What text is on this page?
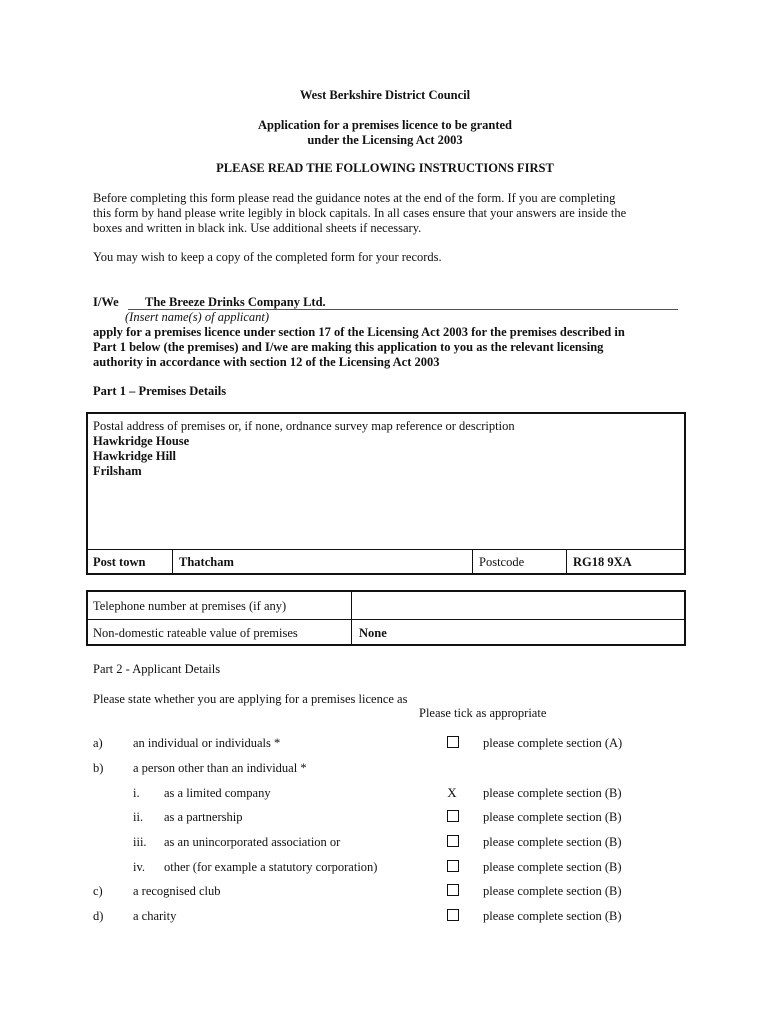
West Berkshire District Council
Application for a premises licence to be granted
under the Licensing Act 2003
PLEASE READ THE FOLLOWING INSTRUCTIONS FIRST
Before completing this form please read the guidance notes at the end of the form. If you are completing
this form by hand please write legibly in block capitals. In all cases ensure that your answers are inside the
boxes and written in black ink. Use additional sheets if necessary.
You may wish to keep a copy of the completed form for your records.
I/We The Breeze Drinks Company Ltd.
(Insert name(s) of applicant)
apply for a premises licence under section 17 of the Licensing Act 2003 for the premises described in
Part 1 below (the premises) and I/we are making this application to you as the relevant licensing
authority in accordance with section 12 of the Licensing Act 2003
Part 1 – Premises Details
Postal address of premises or, if none, ordnance survey map reference or description
Hawkridge House
Hawkridge Hill
Frilsham
Post town	Thatcham	Postcode	RG18 9XA
Telephone number at premises (if any)
Non-domestic rateable value of premises	None
Part 2 - Applicant Details
Please state whether you are applying for a premises licence as
Please tick as appropriate
a) an individual or individuals *	please complete section (A)
b) a person other than an individual *
i. as a limited company	X please complete section (B)
ii. as a partnership	please complete section (B)
iii. as an unincorporated association or	please complete section (B)
iv. other (for example a statutory corporation)	please complete section (B)
c) a recognised club	please complete section (B)
d) a charity	please complete section (B)
